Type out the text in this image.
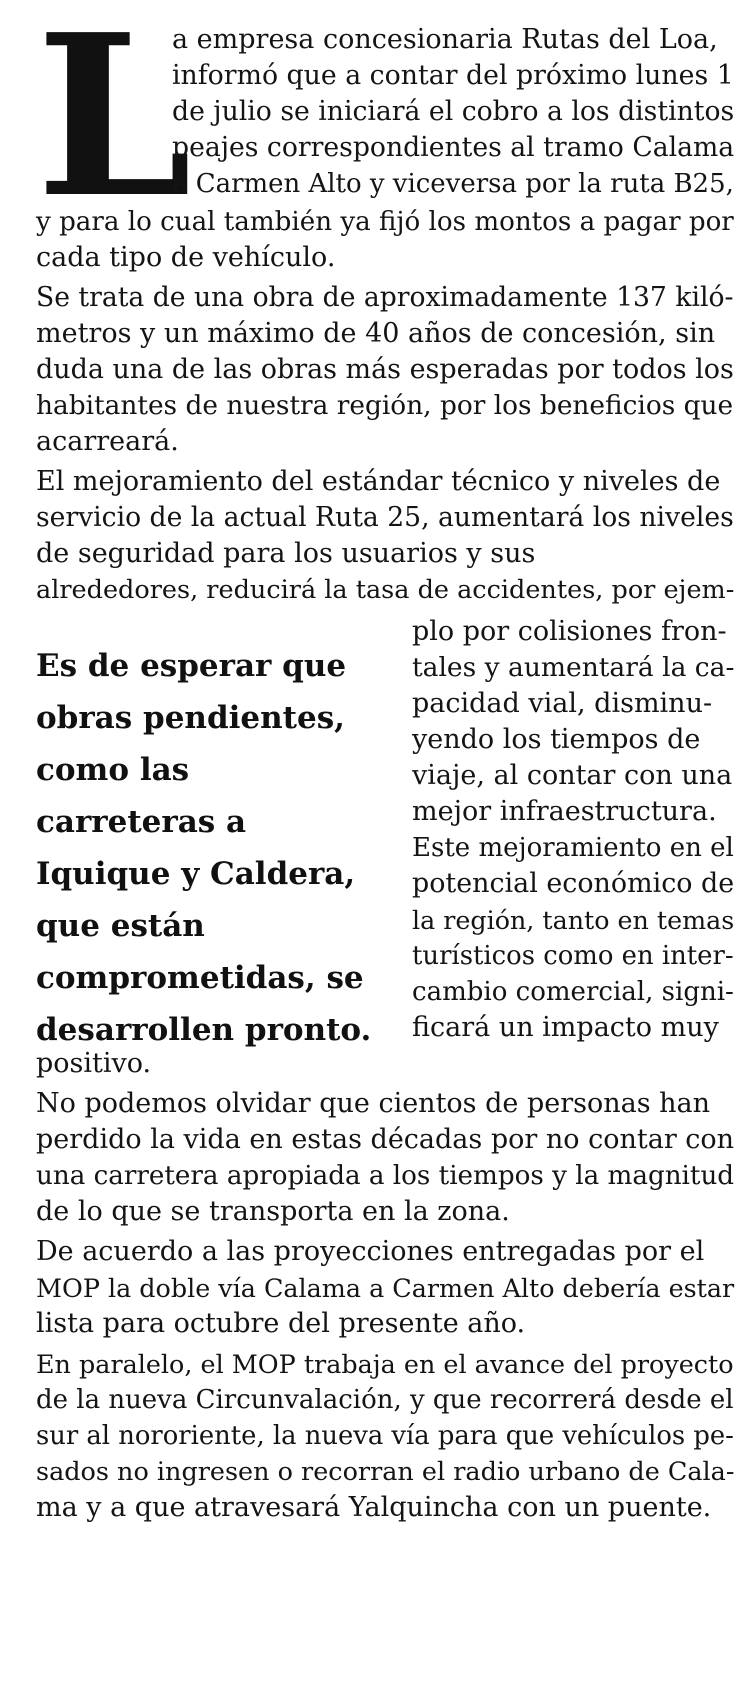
L

a empresa concesionaria Rutas del Loa,

informó que a contar del próximo lunes 1

de julio se iniciará el cobro a los distintos

peajes correspondientes al tramo Calama

a Carmen Alto y viceversa por la ruta B25,

y para lo cual también ya fijó los montos a pagar por

cada tipo de vehículo.

Se trata de una obra de aproximadamente 137 kiló-

metros y un máximo de 40 años de concesión, sin

duda una de las obras más esperadas por todos los

habitantes de nuestra región, por los beneficios que

acarreará.

El mejoramiento del estándar técnico y niveles de

servicio de la actual Ruta 25, aumentará los niveles

de seguridad para los usuarios y sus

alrededores, reducirá la tasa de accidentes, por ejem-

plo por colisiones fron-

tales y aumentará la ca-

pacidad vial, disminu-

yendo los tiempos de

viaje, al contar con una

mejor infraestructura.

Este mejoramiento en el

potencial económico de

la región, tanto en temas

turísticos como en inter-

cambio comercial, signi-

ficará un impacto muy

positivo.

No podemos olvidar que cientos de personas han

perdido la vida en estas décadas por no contar con

una carretera apropiada a los tiempos y la magnitud

de lo que se transporta en la zona.

De acuerdo a las proyecciones entregadas por el

MOP la doble vía Calama a Carmen Alto debería estar

lista para octubre del presente año.

En paralelo, el MOP trabaja en el avance del proyecto

de la nueva Circunvalación, y que recorrerá desde el

sur al nororiente, la nueva vía para que vehículos pe-

sados no ingresen o recorran el radio urbano de Cala-

ma y a que atravesará Yalquincha con un puente.

Es de esperar que
obras pendientes,
como las
carreteras a
Iquique y Caldera,
que están
comprometidas, se
desarrollen pronto.
